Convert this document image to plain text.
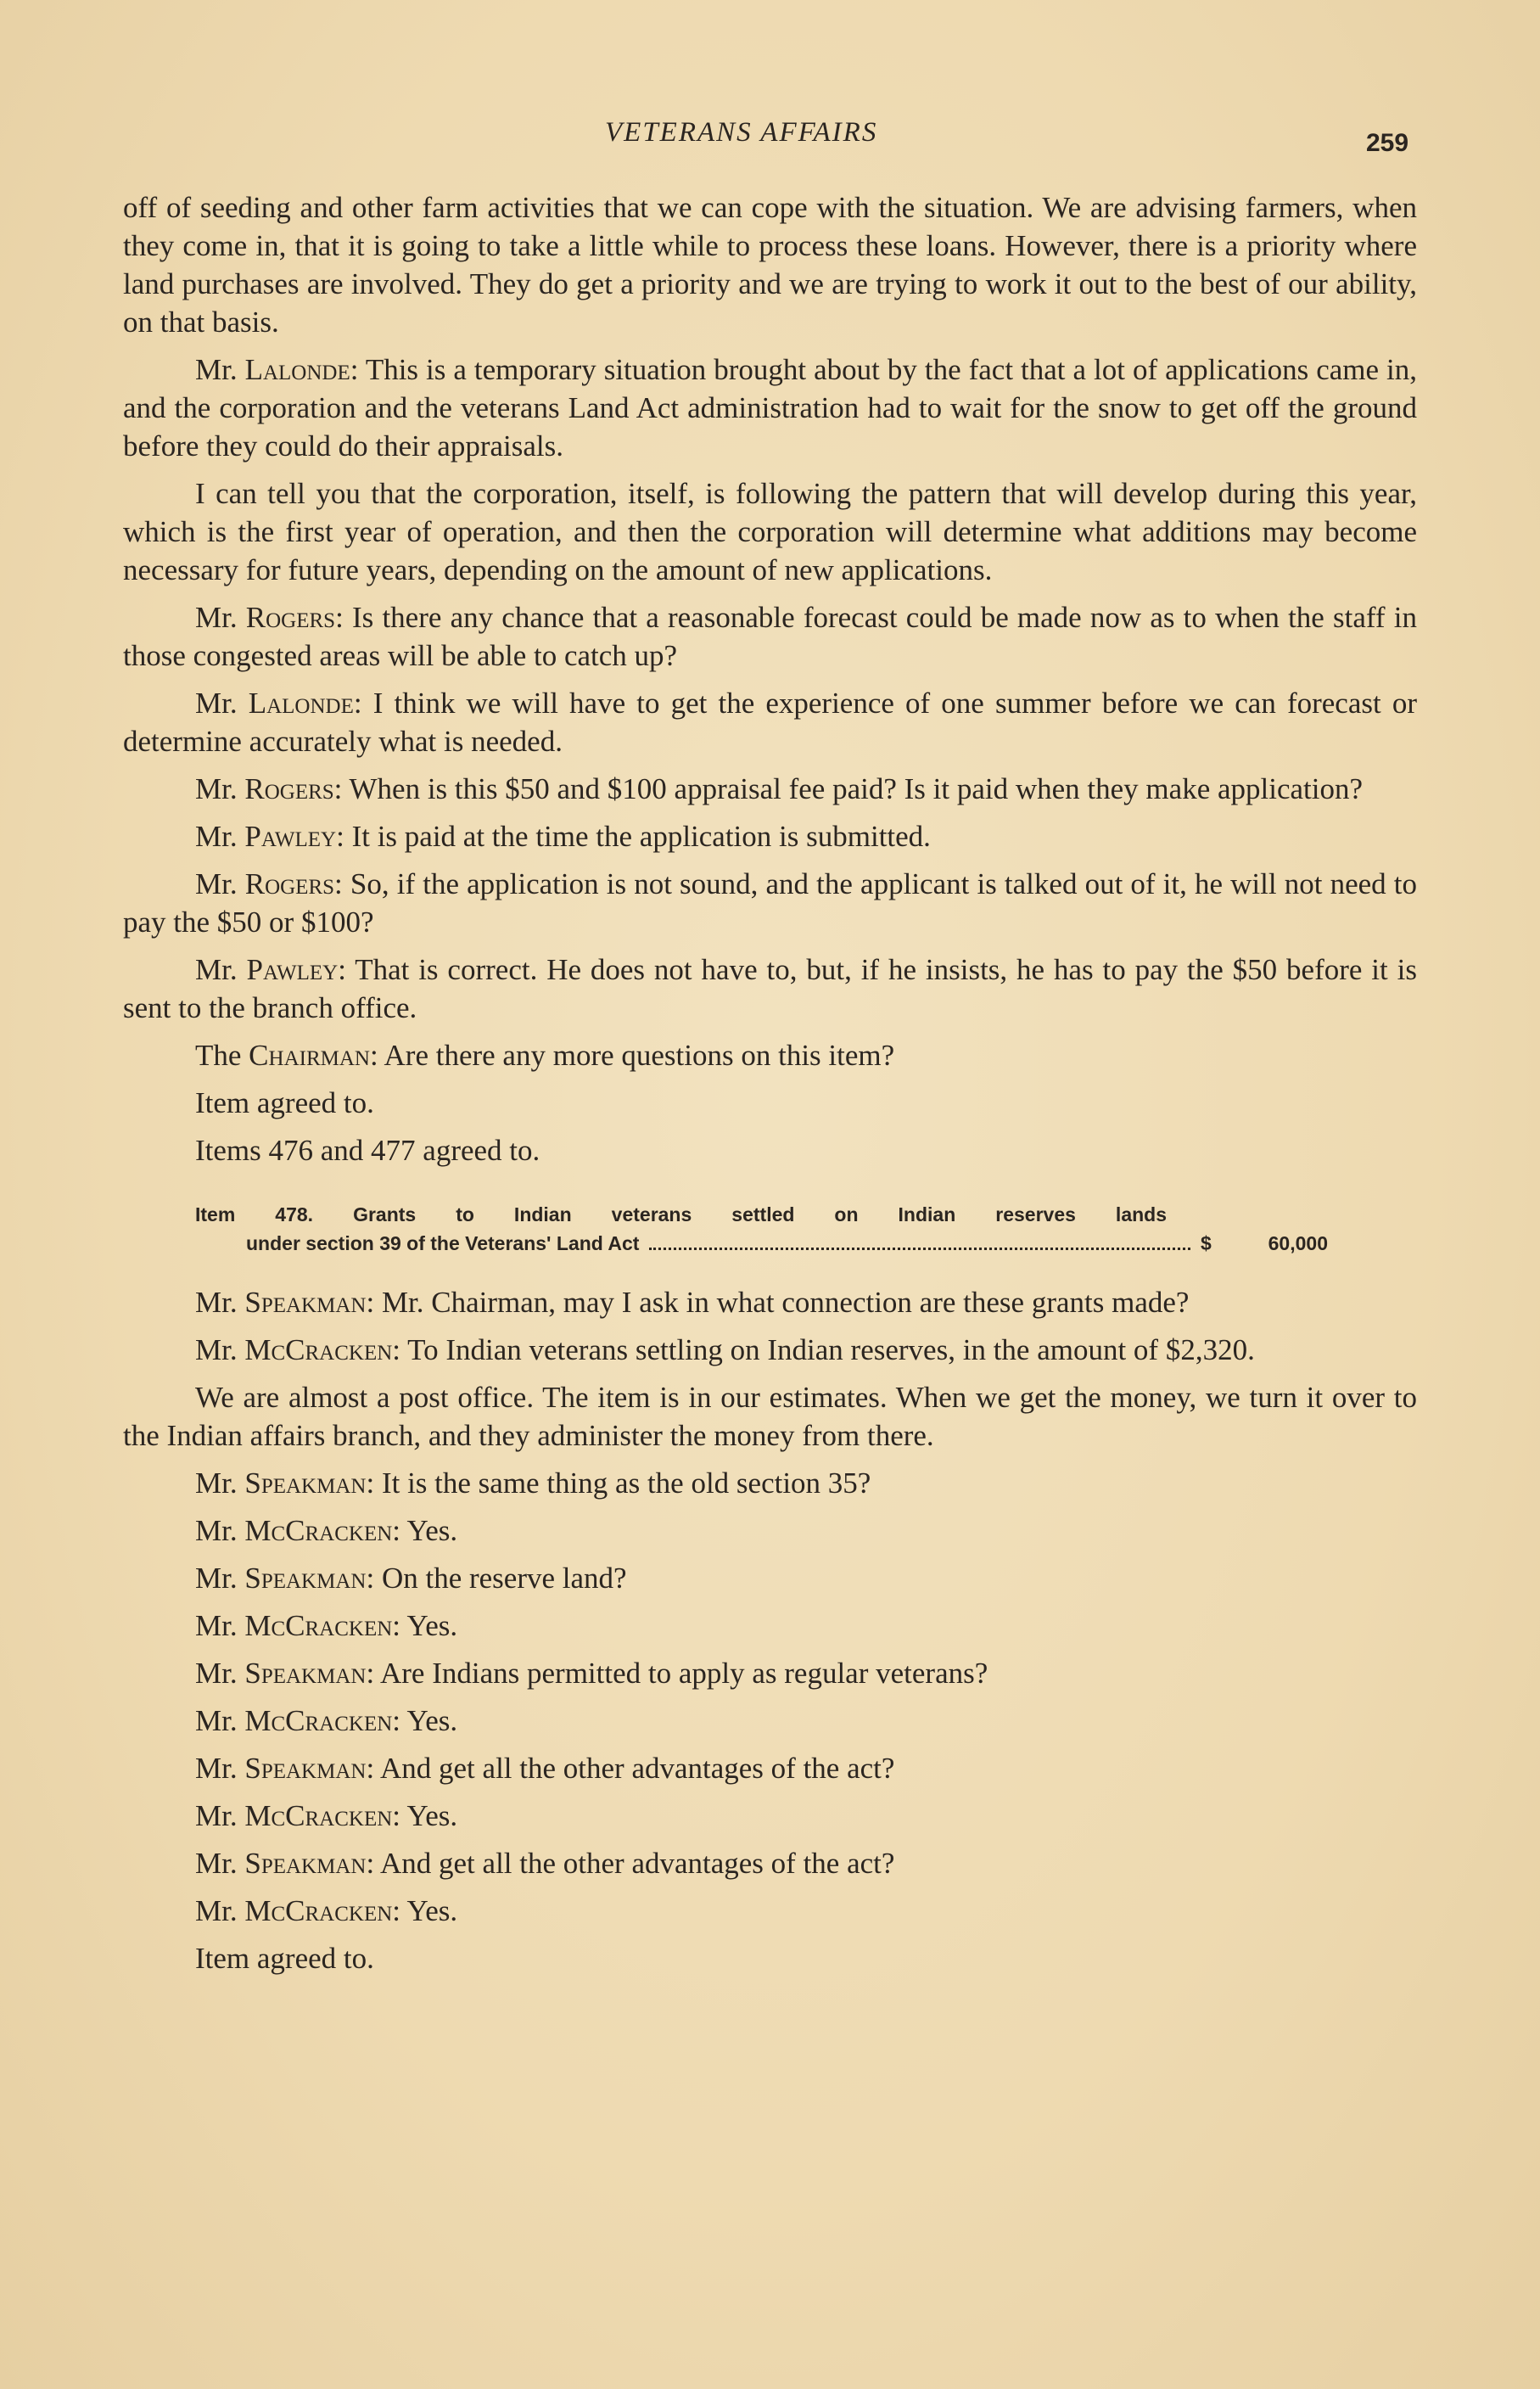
VETERANS AFFAIRS	259

off of seeding and other farm activities that we can cope with the situation. We are advising farmers, when they come in, that it is going to take a little while to process these loans. However, there is a priority where land purchases are involved. They do get a priority and we are trying to work it out to the best of our ability, on that basis.

Mr. Lalonde: This is a temporary situation brought about by the fact that a lot of applications came in, and the corporation and the veterans Land Act administration had to wait for the snow to get off the ground before they could do their appraisals.

I can tell you that the corporation, itself, is following the pattern that will develop during this year, which is the first year of operation, and then the corporation will determine what additions may become necessary for future years, depending on the amount of new applications.

Mr. Rogers: Is there any chance that a reasonable forecast could be made now as to when the staff in those congested areas will be able to catch up?

Mr. Lalonde: I think we will have to get the experience of one summer before we can forecast or determine accurately what is needed.

Mr. Rogers: When is this $50 and $100 appraisal fee paid? Is it paid when they make application?

Mr. Pawley: It is paid at the time the application is submitted.

Mr. Rogers: So, if the application is not sound, and the applicant is talked out of it, he will not need to pay the $50 or $100?

Mr. Pawley: That is correct. He does not have to, but, if he insists, he has to pay the $50 before it is sent to the branch office.

The Chairman: Are there any more questions on this item?

Item agreed to.

Items 476 and 477 agreed to.

Item 478. Grants to Indian veterans settled on Indian reserves lands
under section 39 of the Veterans' Land Act	$	60,000

Mr. Speakman: Mr. Chairman, may I ask in what connection are these grants made?

Mr. McCracken: To Indian veterans settling on Indian reserves, in the amount of $2,320.

We are almost a post office. The item is in our estimates. When we get the money, we turn it over to the Indian affairs branch, and they administer the money from there.

Mr. Speakman: It is the same thing as the old section 35?

Mr. McCracken: Yes.

Mr. Speakman: On the reserve land?

Mr. McCracken: Yes.

Mr. Speakman: Are Indians permitted to apply as regular veterans?

Mr. McCracken: Yes.

Mr. Speakman: And get all the other advantages of the act?

Mr. McCracken: Yes.

Mr. Speakman: And get all the other advantages of the act?

Mr. McCracken: Yes.

Item agreed to.
